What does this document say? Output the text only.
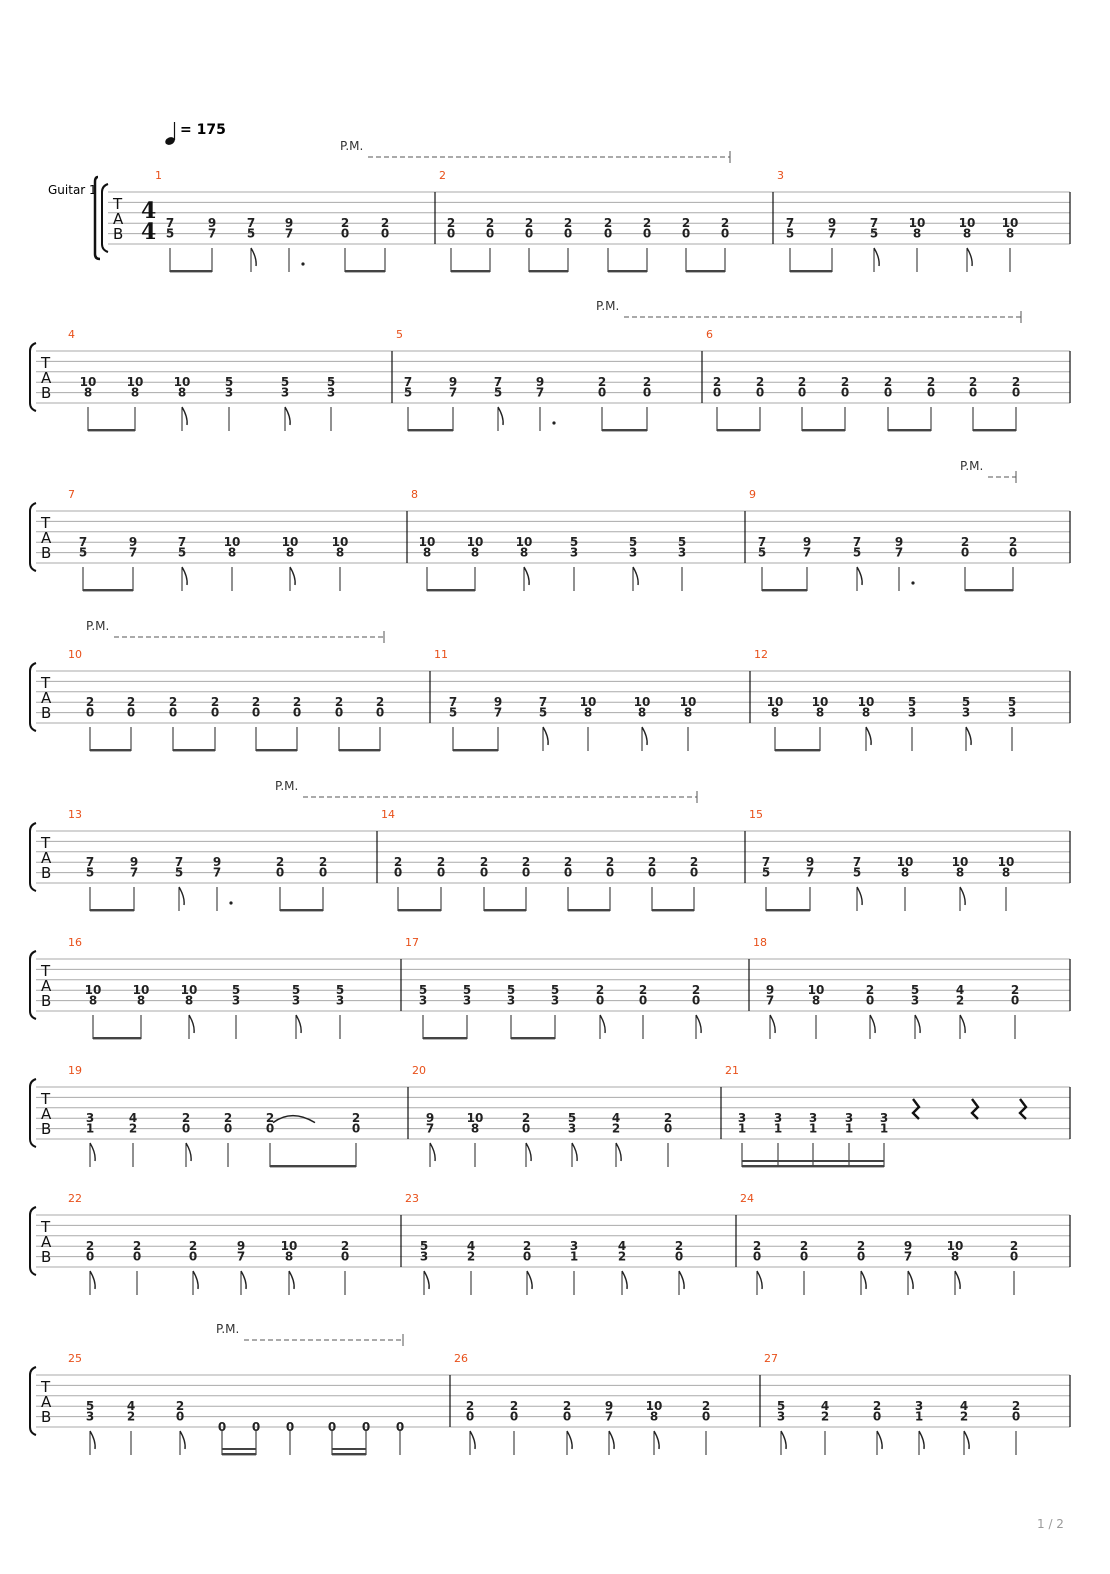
= 175
Guitar 1
1 / 2
P.M.
P.M.
P.M.
P.M.
P.M.
P.M.
T
A
B
4
4
1
7
5
9
7
7
5
9
7
2
0
2
0
2
2
0
2
0
2
0
2
0
2
0
2
0
2
0
2
0
3
7
5
9
7
7
5
10
8
10
8
10
8
T
A
B
4
10
8
10
8
10
8
5
3
5
3
5
3
5
7
5
9
7
7
5
9
7
2
0
2
0
6
2
0
2
0
2
0
2
0
2
0
2
0
2
0
2
0
T
A
B
7
7
5
9
7
7
5
10
8
10
8
10
8
8
10
8
10
8
10
8
5
3
5
3
5
3
9
7
5
9
7
7
5
9
7
2
0
2
0
T
A
B
10
2
0
2
0
2
0
2
0
2
0
2
0
2
0
2
0
11
7
5
9
7
7
5
10
8
10
8
10
8
12
10
8
10
8
10
8
5
3
5
3
5
3
T
A
B
13
7
5
9
7
7
5
9
7
2
0
2
0
14
2
0
2
0
2
0
2
0
2
0
2
0
2
0
2
0
15
7
5
9
7
7
5
10
8
10
8
10
8
T
A
B
16
10
8
10
8
10
8
5
3
5
3
5
3
17
5
3
5
3
5
3
5
3
2
0
2
0
2
0
18
9
7
10
8
2
0
5
3
4
2
2
0
T
A
B
19
3
1
4
2
2
0
2
0
2
0
2
0
20
9
7
10
8
2
0
5
3
4
2
2
0
21
3
1
3
1
3
1
3
1
3
1
T
A
B
22
2
0
2
0
2
0
9
7
10
8
2
0
23
5
3
4
2
2
0
3
1
4
2
2
0
24
2
0
2
0
2
0
9
7
10
8
2
0
T
A
B
25
5
3
4
2
2
0
0 0 0	0 0 0
26
2
0
2
0
2
0
9
7
10
8
2
0
27
5
3
4
2
2
0
3
1
4
2
2
0
